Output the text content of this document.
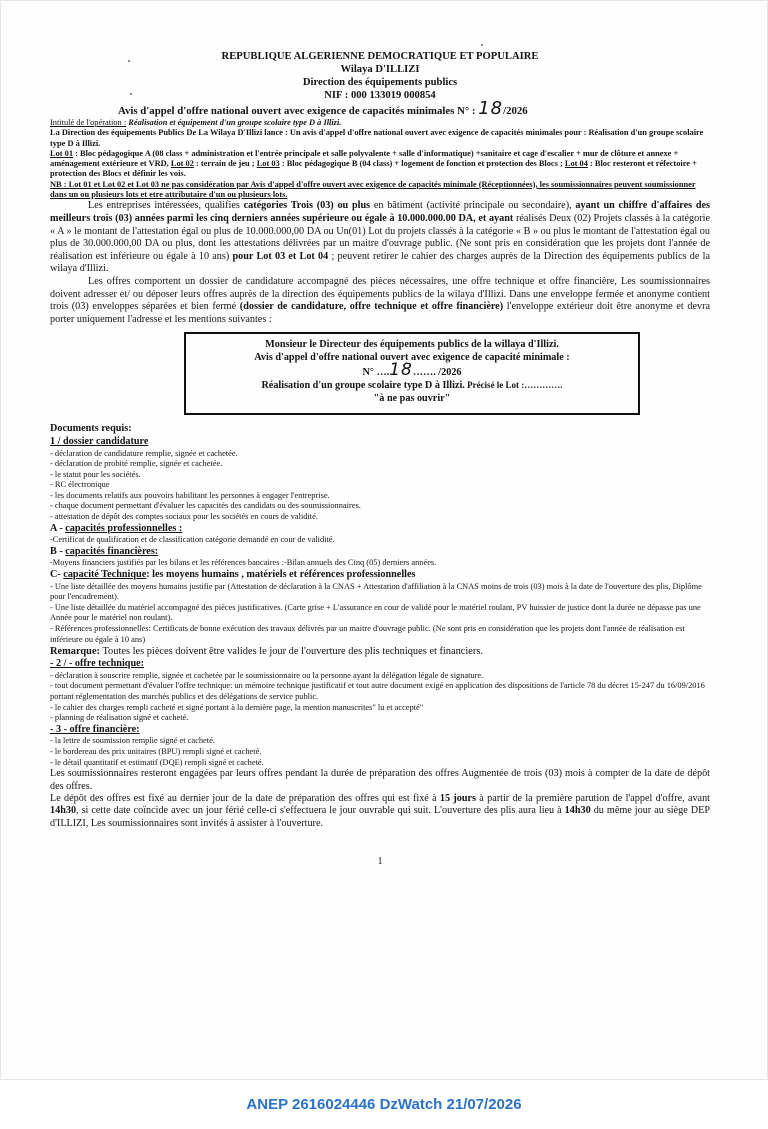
REPUBLIQUE ALGERIENNE DEMOCRATIQUE ET POPULAIRE
Wilaya D'ILLIZI
Direction des équipements publics
NIF : 000 133019 000854
Avis d'appel d'offre national ouvert avec exigence de capacités minimales N° : 18/2026
Intitulé de l'opération : Réalisation et équipement d'un groupe scolaire type D à Illizi.
La Direction des équipements Publics De La Wilaya D'Illizi lance : Un avis d'appel d'offre national ouvert avec exigence de capacités minimales pour : Réalisation d'un groupe scolaire type D à Illizi.
Lot 01 : Bloc pédagogique A (08 class + administration et l'entrée principale et salle polyvalente + salle d'informatique) +sanitaire et cage d'escalier + mur de clôture et annexe + aménagement extérieure et VRD, Lot 02 : terrain de jeu ; Lot 03 : Bloc pédagogique B (04 class) + logement de fonction et protection des Blocs ; Lot 04 : Bloc resteront et réfectoire + protection des Blocs et définir les vois.
NB : Lot 01 et Lot 02 et Lot 03 ne pas considération par Avis d'appel d'offre ouvert avec exigence de capacités minimale (Réceptionnées), les soumissionnaires peuvent soumissionner dans un ou plusieurs lots et etre attributaire d'un ou plusieurs lots.
Les entreprises intéressées, qualifies catégories Trois (03) ou plus en bâtiment (activité principale ou secondaire), ayant un chiffre d'affaires des meilleurs trois (03) années parmi les cinq derniers années supérieure ou égale à 10.000.000.00 DA, et ayant réalisés Deux (02) Projets classés à la catégorie « A » le montant de l'attestation égal ou plus de 10.000.000,00 DA ou Un(01) Lot du projets classés à la catégorie « B » ou plus le montant de l'attestation égal ou plus de 30.000.000,00 DA ou plus, dont les attestations délivrées par un maitre d'ouvrage public. (Ne sont pris en considération que les projets dont l'année de réalisation est inférieure ou égale à 10 ans) pour Lot 03 et Lot 04 ; peuvent retirer le cahier des charges auprès de la Direction des équipements publics de la wilaya d'Illizi.
Les offres comportent un dossier de candidature accompagné des pièces nécessaires, une offre technique et offre financière, Les soumissionnaires doivent adresser et/ ou déposer leurs offres auprès de la direction des équipements publics de la wilaya d'Illizi. Dans une enveloppe fermée et anonyme contient trois (03) enveloppes séparées et bien fermé (dossier de candidature, offre technique et offre financière) l'enveloppe extérieur doit être anonyme et devra porter uniquement l'adresse et les mentions suivantes :
Monsieur le Directeur des équipements publics de la willaya d'Illizi.
Avis d'appel d'offre national ouvert avec exigence de capacité minimale :
N° ….18……. /2026
Réalisation d'un groupe scolaire type D à Illizi. Précisé le Lot :………….
"à ne pas ouvrir"
Documents requis:
1 / dossier candidature
- déclaration de candidature remplie, signée et cachetée.
- déclaration de probité remplie, signée et cachetée.
- le statut pour les sociétés.
- RC électronique
- les documents relatifs aux pouvoirs habilitant les personnes à engager l'entreprise.
- chaque document permettant d'évaluer les capacités des candidats ou des soumissionnaires.
- attestation de dépôt des comptes sociaux pour les sociétés en cours de validité.
A - capacités professionnelles :
-Certificat de qualification et de classification catégorie demandé en cour de validité.
B - capacités financières:
-Moyens financiers justifiés par les bilans et les références bancaires :-Bilan annuels des Cinq (05) derniers années.
C- capacité Technique: les moyens humains , matériels et références professionnelles
- Une liste détaillée des moyens humains justifie par (Attestation de déclaration à la CNAS + Attestation d'affiliation à la CNAS moins de trois (03) mois à la date de l'ouverture des plis, Diplôme pour l'encadrement).
- Une liste détaillée du matériel accompagné des pièces justificatives. (Carte grise + L'assurance en cour de validé pour le matériel roulant, PV huissier de justice dont la durée ne dépasse pas une Année pour le matériel non roulant).
- Références professionnelles: Certificats de bonne exécution des travaux délivrés par un maitre d'ouvrage public. (Ne sont pris en considération que les projets dont l'année de réalisation est inférieure ou égale à 10 ans)
Remarque: Toutes les pièces doivent être valides le jour de l'ouverture des plis techniques et financiers.
- 2 / - offre technique:
- déclaration à souscrire remplie, signée et cachetée par le soumissionnaire ou la personne ayant la délégation légale de signature.
- tout document permettant d'évaluer l'offre technique: un mémoire technique justificatif et tout autre document exigé en application des dispositions de l'article 78 du décret 15-247 du 16/09/2016 portant réglementation des marchés publics et des délégations de service public.
- le cahier des charges rempli cacheté et signé portant à la dernière page, la mention manuscrites" lu et accepté"
- planning de réalisation signé et cacheté.
- 3 - offre financière:
- la lettre de soumission remplie signé et cacheté.
- le bordereau des prix unitaires (BPU) rempli signé et cacheté.
- le détail quantitatif et estimatif (DQE) rempli signé et cacheté.
Les soumissionnaires resteront engagées par leurs offres pendant la durée de préparation des offres Augmentée de trois (03) mois à compter de la date de dépôt des offres.
Le dépôt des offres est fixé au dernier jour de la date de préparation des offres qui est fixé à 15 jours à partir de la première parution de l'appel d'offre, avant 14h30, si cette date coïncide avec un jour férié celle-ci s'effectuera le jour ouvrable qui suit. L'ouverture des plis aura lieu à 14h30 du même jour au siège DEP d'ILLIZI, Les soumissionnaires sont invités à assister à l'ouverture.
1
ANEP 2616024446 DzWatch 21/07/2026
